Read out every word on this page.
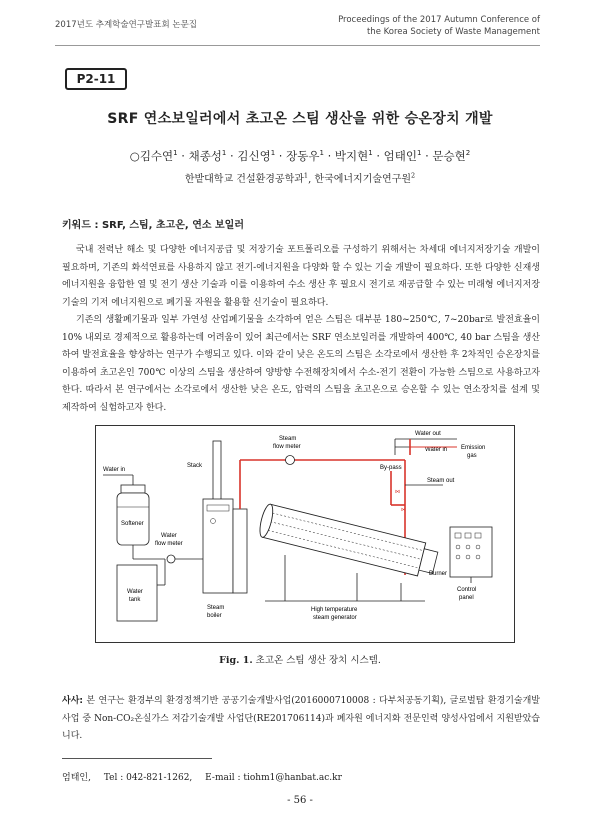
2017년도 추계학술연구발표회 논문집	Proceedings of the 2017 Autumn Conference of
the Korea Society of Waste Management
P2-11
SRF 연소보일러에서 초고온 스팀 생산을 위한 승온장치 개발
○김수연$^1$ · 채종성$^1$ · 김신영$^1$ · 장동우$^1$ · 박지현$^1$ · 엄태인$^1$ · 문승현$^2$
한밭대학교 건설환경공학과$^1$, 한국에너지기술연구원$^2$
키워드 : SRF, 스팀, 초고온, 연소 보일러

국내 전력난 해소 및 다양한 에너지공급 및 저장기술 포트폴리오를 구성하기 위해서는 차세대 에너지저장기술 개발이 필요하며, 기존의 화석연료를 사용하지 않고 전기-에너지원을 다양화 할 수 있는 기술 개발이 필요하다. 또한 다양한 신재생에너지원을 융합한 열 및 전기 생산 기술과 이를 이용하여 수소 생산 후 필요시 전기로 재공급할 수 있는 미래형 에너지저장 기술의 기저 에너지원으로 폐기물 자원을 활용할 신기술이 필요하다.

기존의 생활폐기물과 일부 가연성 산업폐기물을 소각하여 얻은 스팀은 대부분 180~250℃, 7~20bar로 발전효율이 10% 내외로 경제적으로 활용하는데 어려움이 있어 최근에서는 SRF 연소보일러를 개발하여 400℃, 40 bar 스팀을 생산하여 발전효율을 향상하는 연구가 수행되고 있다. 이와 같이 낮은 온도의 스팀은 소각로에서 생산한 후 2차적인 승온장치를 이용하여 초고온인 700℃ 이상의 스팀을 생산하여 양방향 수전해장치에서 수소-전기 전환이 가능한 스팀으로 사용하고자 한다. 따라서 본 연구에서는 소각로에서 생산한 낮은 온도, 압력의 스팀을 초고온으로 승온할 수 있는 연소장치를 설계 및 제작하여 실험하고자 한다.

Water in
Softener
Water
flow meter
Water
tank
Stack
Steam
boiler
Steam
flow meter
By-pass
⋈
⋈
Steam out
Water out
Water in Emission
gas
High temperature
steam generator
Burner
Control
panel
Fig. 1. 초고온 스팀 생산 장치 시스템.
사사: 본 연구는 환경부의 환경정책기반 공공기술개발사업(2016000710008 : 다부처공동기획), 글로벌탑 환경기술개발사업 중 Non-CO₂온실가스 저감기술개발 사업단(RE201706114)과 폐자원 에너지화 전문인력 양성사업에서 지원받았습니다.
엄태인, Tel : 042-821-1262, E-mail : tiohm1@hanbat.ac.kr
- 56 -
